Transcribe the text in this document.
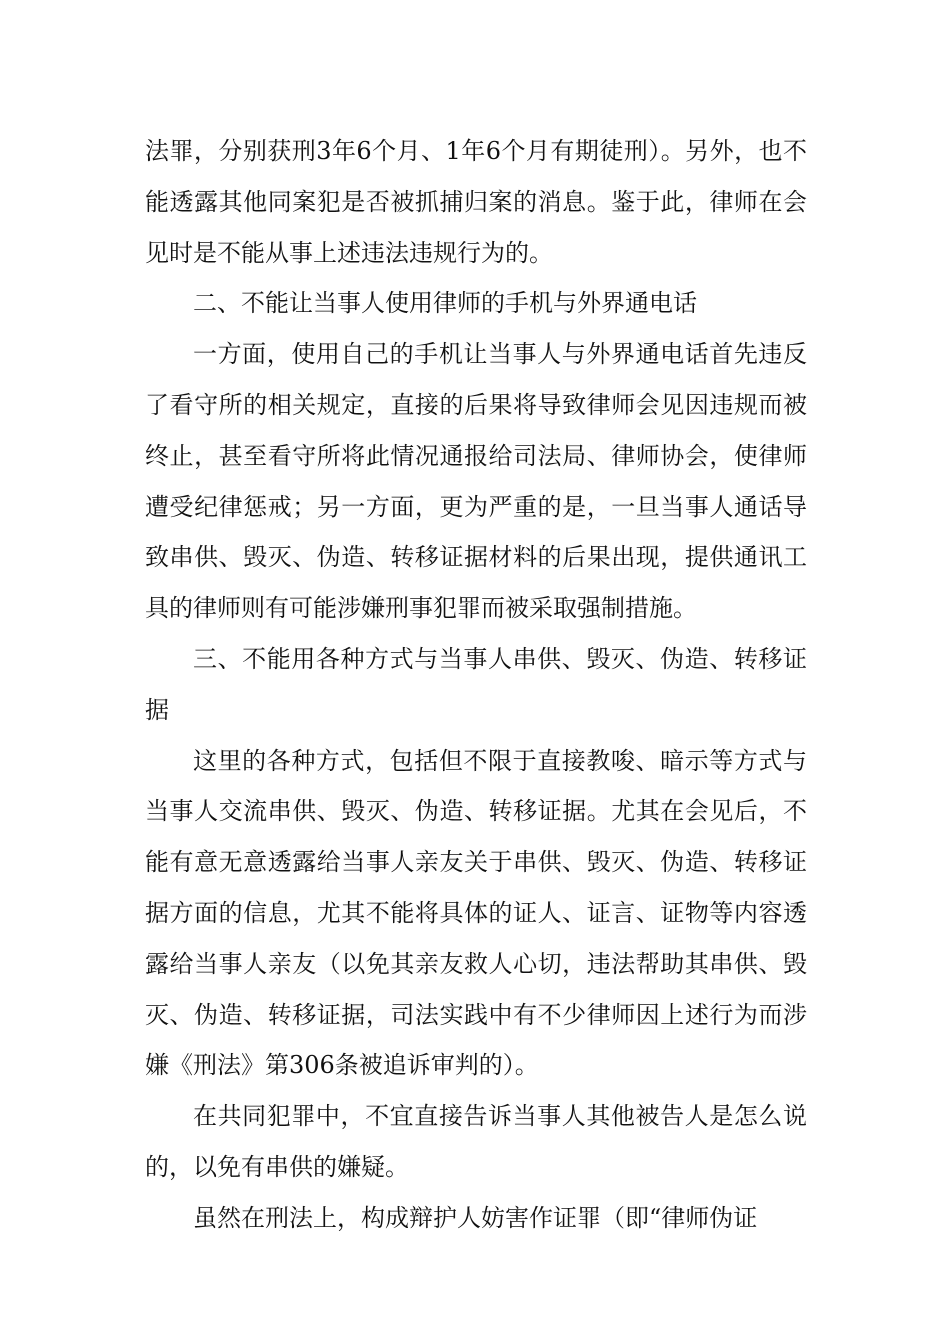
法罪，分别获刑3年6个月、1年6个月有期徒刑）。另外，也不能透露其他同案犯是否被抓捕归案的消息。鉴于此，律师在会见时是不能从事上述违法违规行为的。

二、不能让当事人使用律师的手机与外界通电话

一方面，使用自己的手机让当事人与外界通电话首先违反了看守所的相关规定，直接的后果将导致律师会见因违规而被终止，甚至看守所将此情况通报给司法局、律师协会，使律师遭受纪律惩戒；另一方面，更为严重的是，一旦当事人通话导致串供、毁灭、伪造、转移证据材料的后果出现，提供通讯工具的律师则有可能涉嫌刑事犯罪而被采取强制措施。

三、不能用各种方式与当事人串供、毁灭、伪造、转移证据

这里的各种方式，包括但不限于直接教唆、暗示等方式与当事人交流串供、毁灭、伪造、转移证据。尤其在会见后，不能有意无意透露给当事人亲友关于串供、毁灭、伪造、转移证据方面的信息，尤其不能将具体的证人、证言、证物等内容透露给当事人亲友（以免其亲友救人心切，违法帮助其串供、毁灭、伪造、转移证据，司法实践中有不少律师因上述行为而涉嫌《刑法》第306条被追诉审判的）。

在共同犯罪中，不宜直接告诉当事人其他被告人是怎么说的，以免有串供的嫌疑。

虽然在刑法上，构成辩护人妨害作证罪（即“律师伪证
